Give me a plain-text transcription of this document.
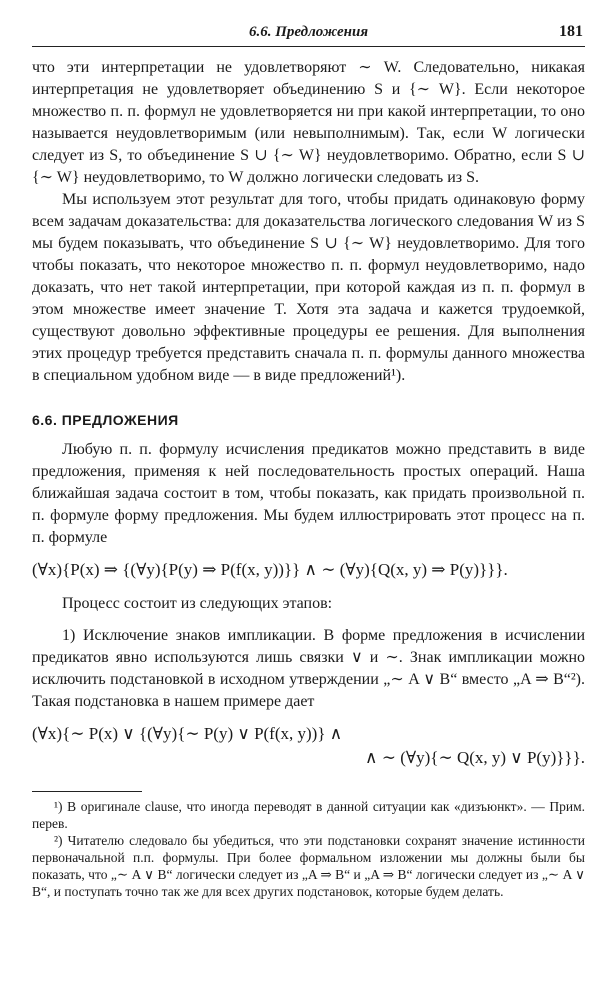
6.6. Предложения	181

что эти интерпретации не удовлетворяют ∼ W. Следовательно, никакая интерпретация не удовлетворяет объединению S и {∼ W}. Если некоторое множество п. п. формул не удовлетворяется ни при какой интерпретации, то оно называется неудовлетворимым (или невыполнимым). Так, если W логически следует из S, то объединение S ∪ {∼ W} неудовлетворимо. Обратно, если S ∪ {∼ W} неудовлетворимо, то W должно логически следовать из S.

Мы используем этот результат для того, чтобы придать одинаковую форму всем задачам доказательства: для доказательства логического следования W из S мы будем показывать, что объединение S ∪ {∼ W} неудовлетворимо. Для того чтобы показать, что некоторое множество п. п. формул неудовлетворимо, надо доказать, что нет такой интерпретации, при которой каждая из п. п. формул в этом множестве имеет значение T. Хотя эта задача и кажется трудоемкой, существуют довольно эффективные процедуры ее решения. Для выполнения этих процедур требуется представить сначала п. п. формулы данного множества в специальном удобном виде — в виде предложений¹).

6.6. ПРЕДЛОЖЕНИЯ

Любую п. п. формулу исчисления предикатов можно представить в виде предложения, применяя к ней последовательность простых операций. Наша ближайшая задача состоит в том, чтобы показать, как придать произвольной п. п. формуле форму предложения. Мы будем иллюстрировать этот процесс на п. п. формуле

(∀x){P(x) ⇒ {(∀y){P(y) ⇒ P(f(x, y))}} ∧ ∼ (∀y){Q(x, y) ⇒ P(y)}}}.

Процесс состоит из следующих этапов:

1) Исключение знаков импликации. В форме предложения в исчислении предикатов явно используются лишь связки ∨ и ∼. Знак импликации можно исключить подстановкой в исходном утверждении „∼ A ∨ B“ вместо „A ⇒ B“²). Такая подстановка в нашем примере дает

(∀x){∼ P(x) ∨ {(∀y){∼ P(y) ∨ P(f(x, y))} ∧
∧ ∼ (∀y){∼ Q(x, y) ∨ P(y)}}}.

¹) В оригинале clause, что иногда переводят в данной ситуации как «дизъюнкт». — Прим. перев.

²) Читателю следовало бы убедиться, что эти подстановки сохранят значение истинности первоначальной п.п. формулы. При более формальном изложении мы должны были бы показать, что „∼ A ∨ B“ логически следует из „A ⇒ B“ и „A ⇒ B“ логически следует из „∼ A ∨ B“, и поступать точно так же для всех других подстановок, которые будем делать.
